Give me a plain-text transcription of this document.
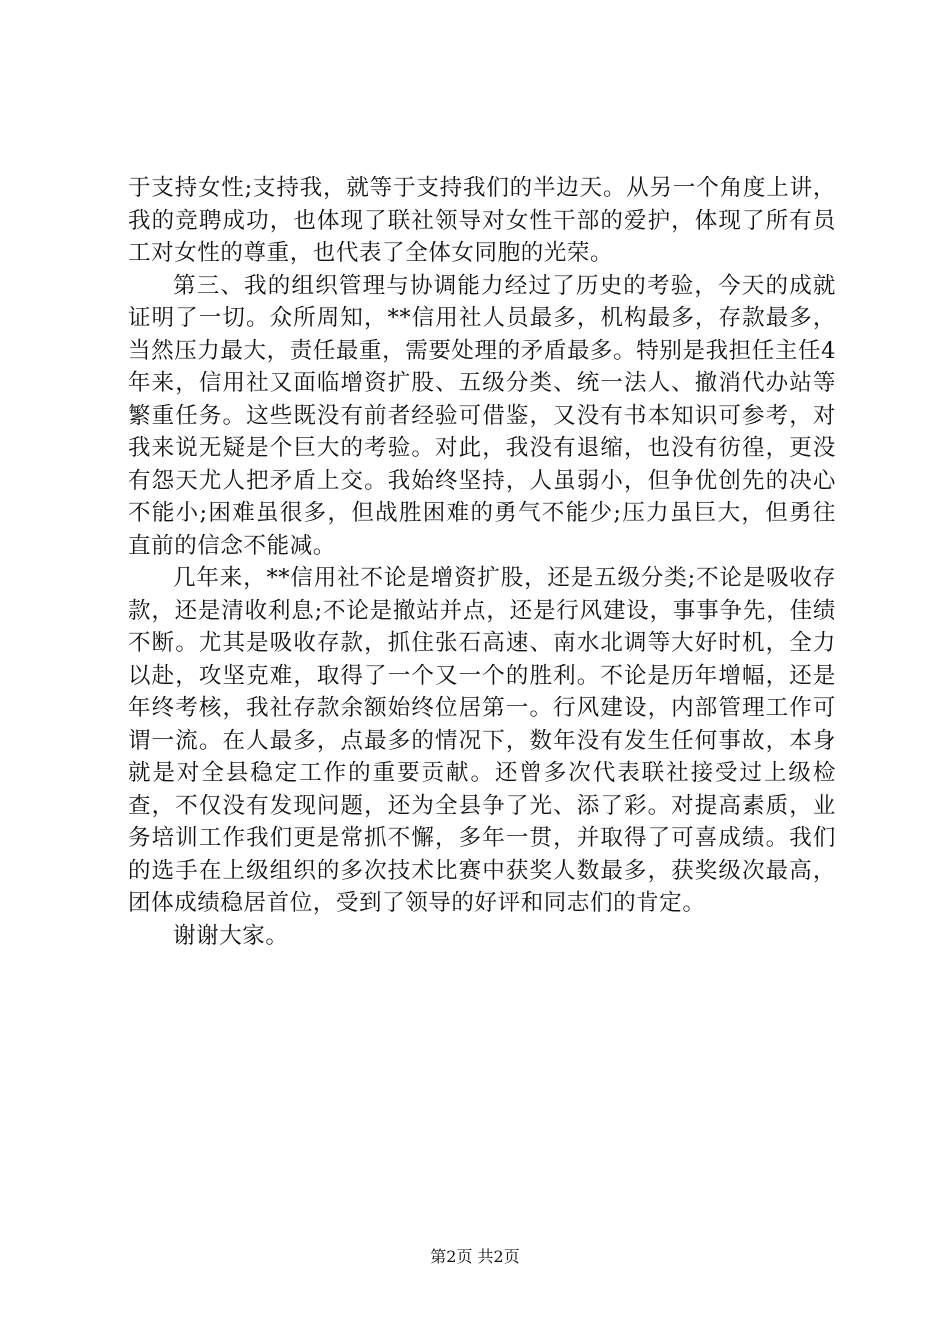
于支持女性;支持我，就等于支持我们的半边天。从另一个角度上讲，我的竞聘成功，也体现了联社领导对女性干部的爱护，体现了所有员工对女性的尊重，也代表了全体女同胞的光荣。

第三、我的组织管理与协调能力经过了历史的考验，今天的成就证明了一切。众所周知，**信用社人员最多，机构最多，存款最多，当然压力最大，责任最重，需要处理的矛盾最多。特别是我担任主任4年来，信用社又面临增资扩股、五级分类、统一法人、撤消代办站等繁重任务。这些既没有前者经验可借鉴，又没有书本知识可参考，对我来说无疑是个巨大的考验。对此，我没有退缩，也没有彷徨，更没有怨天尤人把矛盾上交。我始终坚持，人虽弱小，但争优创先的决心不能小;困难虽很多，但战胜困难的勇气不能少;压力虽巨大，但勇往直前的信念不能减。

几年来，**信用社不论是增资扩股，还是五级分类;不论是吸收存款，还是清收利息;不论是撤站并点，还是行风建设，事事争先，佳绩不断。尤其是吸收存款，抓住张石高速、南水北调等大好时机，全力以赴，攻坚克难，取得了一个又一个的胜利。不论是历年增幅，还是年终考核，我社存款余额始终位居第一。行风建设，内部管理工作可谓一流。在人最多，点最多的情况下，数年没有发生任何事故，本身就是对全县稳定工作的重要贡献。还曾多次代表联社接受过上级检查，不仅没有发现问题，还为全县争了光、添了彩。对提高素质，业务培训工作我们更是常抓不懈，多年一贯，并取得了可喜成绩。我们的选手在上级组织的多次技术比赛中获奖人数最多，获奖级次最高，团体成绩稳居首位，受到了领导的好评和同志们的肯定。

谢谢大家。

第2页 共2页
